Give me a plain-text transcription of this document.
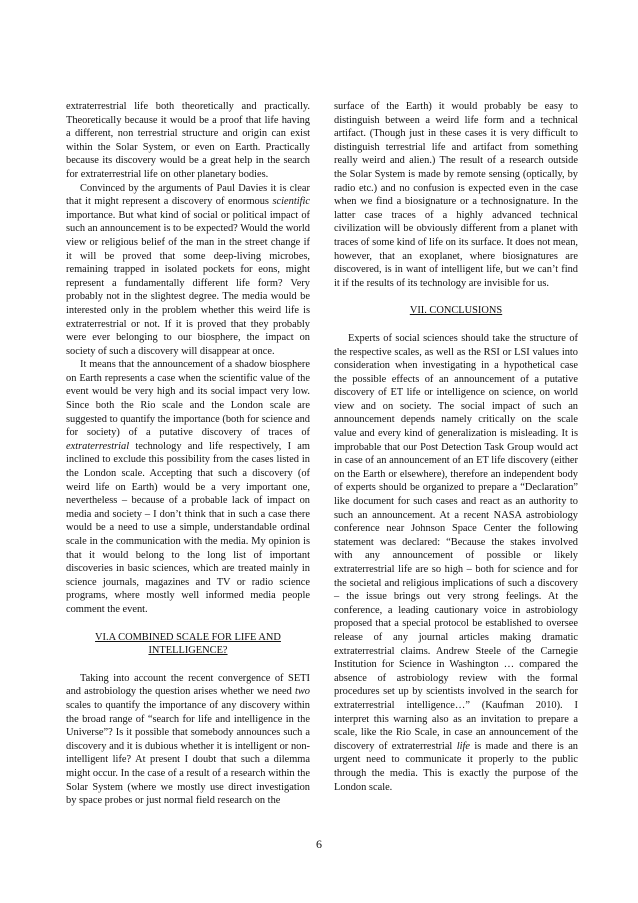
extraterrestrial life both theoretically and practically. Theoretically because it would be a proof that life having a different, non terrestrial structure and origin can exist within the Solar System, or even on Earth. Practically because its discovery would be a great help in the search for extraterrestrial life on other planetary bodies.

Convinced by the arguments of Paul Davies it is clear that it might represent a discovery of enormous scientific importance. But what kind of social or political impact of such an announcement is to be expected? Would the world view or religious belief of the man in the street change if it will be proved that some deep-living microbes, remaining trapped in isolated pockets for eons, might represent a fundamentally different life form? Very probably not in the slightest degree. The media would be interested only in the problem whether this weird life is extraterrestrial or not. If it is proved that they probably were ever belonging to our biosphere, the impact on society of such a discovery will disappear at once.

It means that the announcement of a shadow biosphere on Earth represents a case when the scientific value of the event would be very high and its social impact very low. Since both the Rio scale and the London scale are suggested to quantify the importance (both for science and for society) of a putative discovery of traces of extraterrestrial technology and life respectively, I am inclined to exclude this possibility from the cases listed in the London scale. Accepting that such a discovery (of weird life on Earth) would be a very important one, nevertheless – because of a probable lack of impact on media and society – I don’t think that in such a case there would be a need to use a simple, understandable ordinal scale in the communication with the media. My opinion is that it would belong to the long list of important discoveries in basic sciences, which are treated mainly in science journals, magazines and TV or radio science programs, where mostly well informed media people comment the event.

VI.A COMBINED SCALE FOR LIFE AND
INTELLIGENCE?

Taking into account the recent convergence of SETI and astrobiology the question arises whether we need two scales to quantify the importance of any discovery within the broad range of “search for life and intelligence in the Universe”? Is it possible that somebody announces such a discovery and it is dubious whether it is intelligent or non-intelligent life? At present I doubt that such a dilemma might occur. In the case of a result of a research within the Solar System (where we mostly use direct investigation by space probes or just normal field research on the

surface of the Earth) it would probably be easy to distinguish between a weird life form and a technical artifact. (Though just in these cases it is very difficult to distinguish terrestrial life and artifact from something really weird and alien.) The result of a research outside the Solar System is made by remote sensing (optically, by radio etc.) and no confusion is expected even in the case when we find a biosignature or a technosignature. In the latter case traces of a highly advanced technical civilization will be obviously different from a planet with traces of some kind of life on its surface. It does not mean, however, that an exoplanet, where biosignatures are discovered, is in want of intelligent life, but we can’t find it if the results of its technology are invisible for us.

VII. CONCLUSIONS

Experts of social sciences should take the structure of the respective scales, as well as the RSI or LSI values into consideration when investigating in a hypothetical case the possible effects of an announcement of a putative discovery of ET life or intelligence on science, on world view and on society. The social impact of such an announcement depends namely critically on the scale value and every kind of generalization is misleading. It is improbable that our Post Detection Task Group would act in case of an announcement of an ET life discovery (either on the Earth or elsewhere), therefore an independent body of experts should be organized to prepare a “Declaration” like document for such cases and react as an authority to such an announcement. At a recent NASA astrobiology conference near Johnson Space Center the following statement was declared: “Because the stakes involved with any announcement of possible or likely extraterrestrial life are so high – both for science and for the societal and religious implications of such a discovery – the issue brings out very strong feelings. At the conference, a leading cautionary voice in astrobiology proposed that a special protocol be established to oversee release of any journal articles making dramatic extraterrestrial claims. Andrew Steele of the Carnegie Institution for Science in Washington … compared the absence of astrobiology review with the formal procedures set up by scientists involved in the search for extraterrestrial intelligence…” (Kaufman 2010). I interpret this warning also as an invitation to prepare a scale, like the Rio Scale, in case an announcement of the discovery of extraterrestrial life is made and there is an urgent need to communicate it properly to the public through the media. This is exactly the purpose of the London scale.

6
